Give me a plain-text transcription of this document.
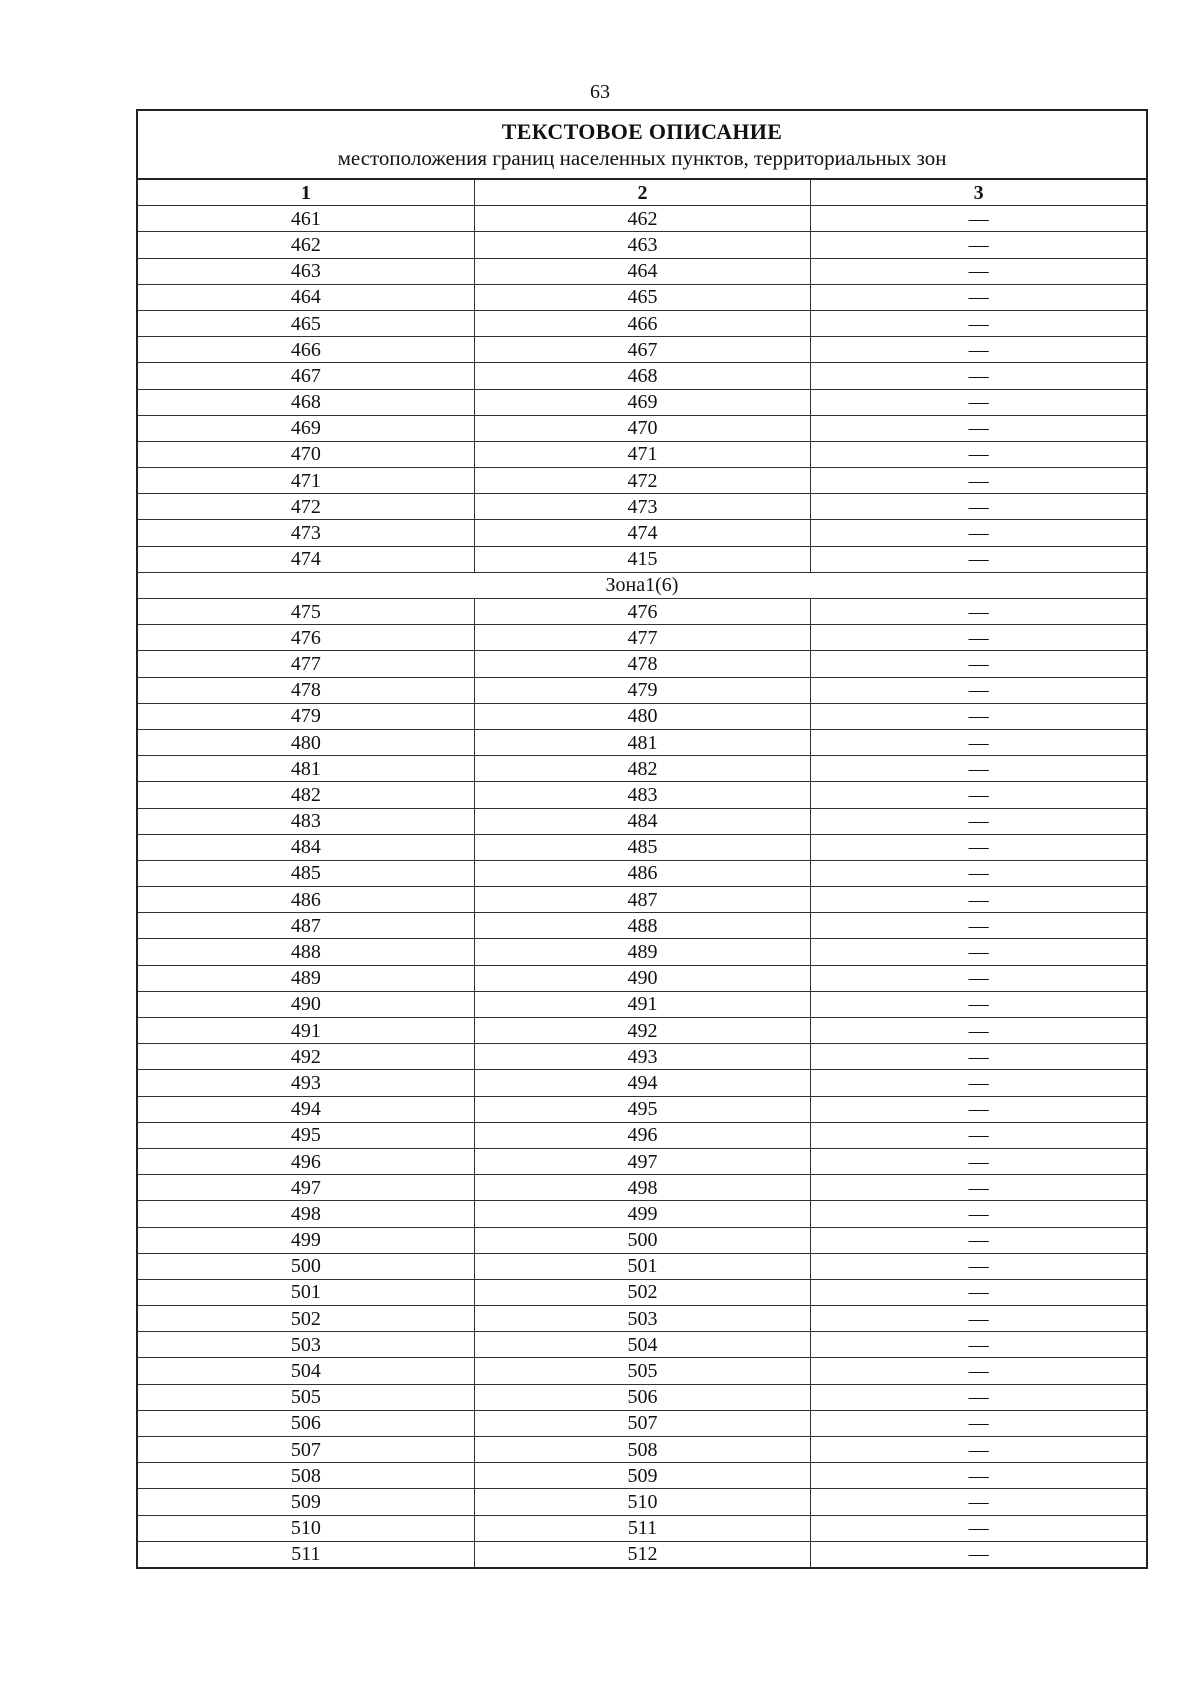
63
ТЕКСТОВОЕ ОПИСАНИЕ
местоположения границ населенных пунктов, территориальных зон		

1	2	3
461	462	—
462	463	—
463	464	—
464	465	—
465	466	—
466	467	—
467	468	—
468	469	—
469	470	—
470	471	—
471	472	—
472	473	—
473	474	—
474	415	—
Зона1(6)		
475	476	—
476	477	—
477	478	—
478	479	—
479	480	—
480	481	—
481	482	—
482	483	—
483	484	—
484	485	—
485	486	—
486	487	—
487	488	—
488	489	—
489	490	—
490	491	—
491	492	—
492	493	—
493	494	—
494	495	—
495	496	—
496	497	—
497	498	—
498	499	—
499	500	—
500	501	—
501	502	—
502	503	—
503	504	—
504	505	—
505	506	—
506	507	—
507	508	—
508	509	—
509	510	—
510	511	—
511	512	—
